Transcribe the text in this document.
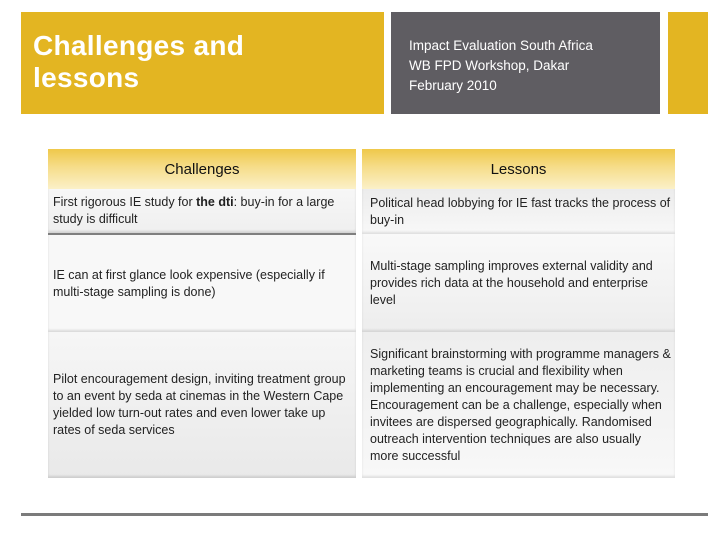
Challenges and
lessons
Impact Evaluation South Africa
WB FPD Workshop, Dakar
February 2010
Challenges	Lessons
First rigorous IE study for the dti: buy-in for a large study is difficult	Political head lobbying for IE fast tracks the process of buy-in
IE can at first glance look expensive (especially if multi-stage sampling is done)	Multi-stage sampling improves external validity and provides rich data at the household and enterprise level
Pilot encouragement design, inviting treatment group to an event by seda at cinemas in the Western Cape yielded low turn-out rates and even lower take up rates of seda services	Significant brainstorming with programme managers & marketing teams is crucial and flexibility when implementing an encouragement may be necessary. Encouragement can be a challenge, especially when invitees are dispersed geographically. Randomised outreach intervention techniques are also usually more successful
